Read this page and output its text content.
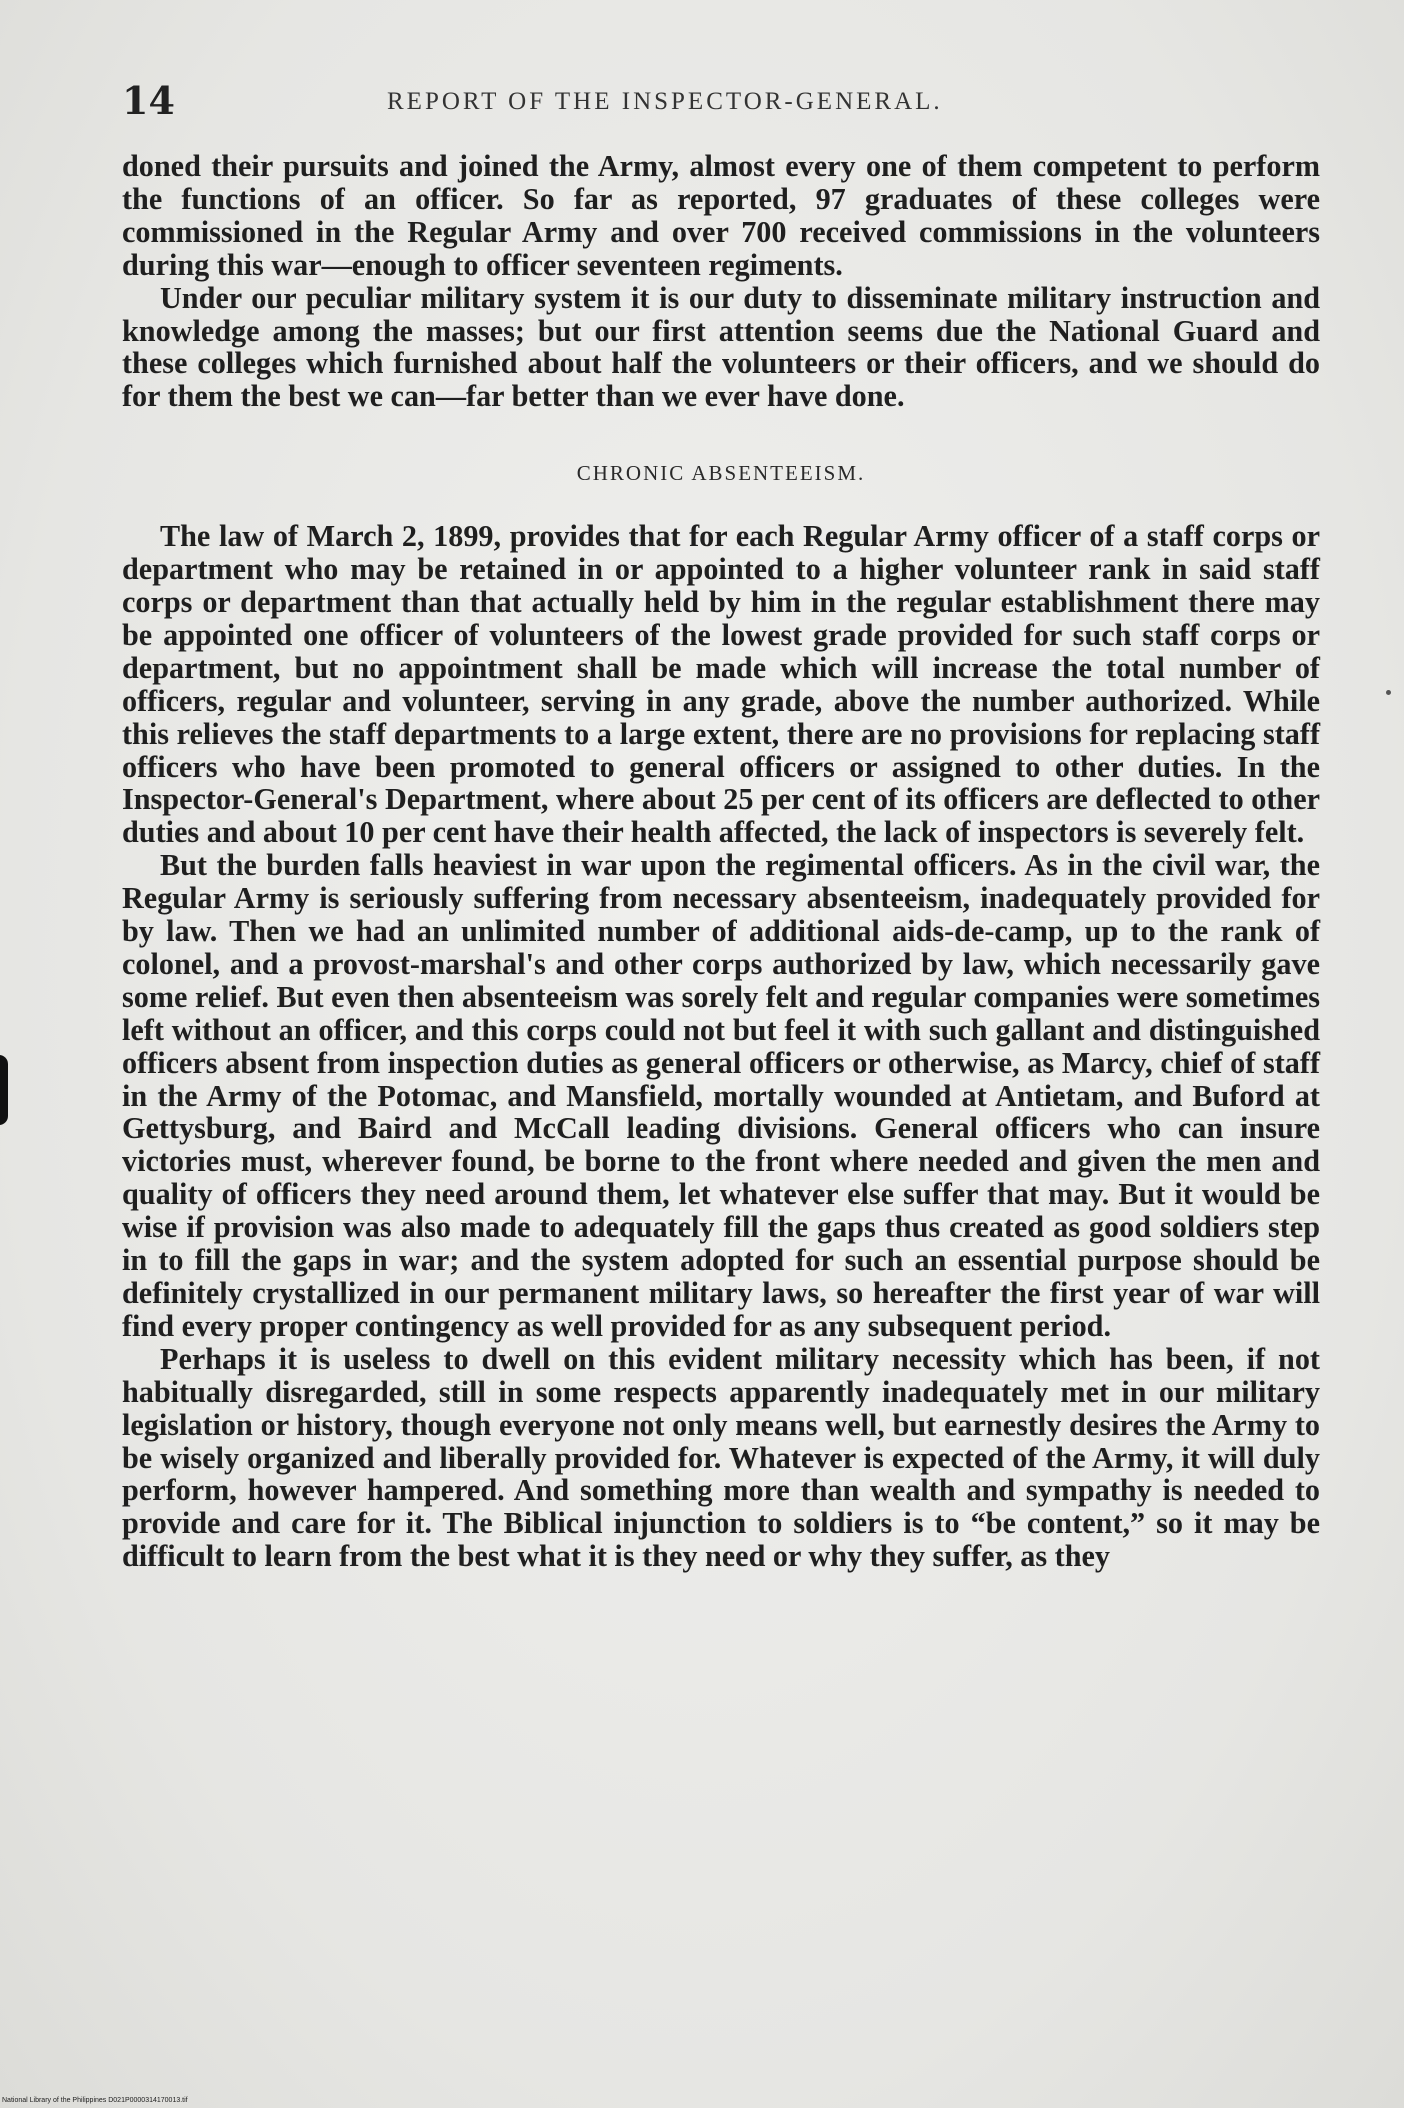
14	REPORT OF THE INSPECTOR-GENERAL.

doned their pursuits and joined the Army, almost every one of them competent to perform the functions of an officer. So far as reported, 97 graduates of these colleges were commissioned in the Regular Army and over 700 received commissions in the volunteers during this war—enough to officer seventeen regiments.

Under our peculiar military system it is our duty to disseminate military instruction and knowledge among the masses; but our first attention seems due the National Guard and these colleges which furnished about half the volunteers or their officers, and we should do for them the best we can—far better than we ever have done.

CHRONIC ABSENTEEISM.

The law of March 2, 1899, provides that for each Regular Army officer of a staff corps or department who may be retained in or appointed to a higher volunteer rank in said staff corps or department than that actually held by him in the regular establishment there may be appointed one officer of volunteers of the lowest grade provided for such staff corps or department, but no appointment shall be made which will increase the total number of officers, regular and volunteer, serving in any grade, above the number authorized. While this relieves the staff departments to a large extent, there are no provisions for replacing staff officers who have been promoted to general officers or assigned to other duties. In the Inspector-General's Department, where about 25 per cent of its officers are deflected to other duties and about 10 per cent have their health affected, the lack of inspectors is severely felt.

But the burden falls heaviest in war upon the regimental officers. As in the civil war, the Regular Army is seriously suffering from necessary absenteeism, inadequately provided for by law. Then we had an unlimited number of additional aids-de-camp, up to the rank of colonel, and a provost-marshal's and other corps authorized by law, which necessarily gave some relief. But even then absenteeism was sorely felt and regular companies were sometimes left without an officer, and this corps could not but feel it with such gallant and distinguished officers absent from inspection duties as general officers or otherwise, as Marcy, chief of staff in the Army of the Potomac, and Mansfield, mortally wounded at Antietam, and Buford at Gettysburg, and Baird and McCall leading divisions. General officers who can insure victories must, wherever found, be borne to the front where needed and given the men and quality of officers they need around them, let whatever else suffer that may. But it would be wise if provision was also made to adequately fill the gaps thus created as good soldiers step in to fill the gaps in war; and the system adopted for such an essential purpose should be definitely crystallized in our permanent military laws, so hereafter the first year of war will find every proper contingency as well provided for as any subsequent period.

Perhaps it is useless to dwell on this evident military necessity which has been, if not habitually disregarded, still in some respects apparently inadequately met in our military legislation or history, though everyone not only means well, but earnestly desires the Army to be wisely organized and liberally provided for. Whatever is expected of the Army, it will duly perform, however hampered. And something more than wealth and sympathy is needed to provide and care for it. The Biblical injunction to soldiers is to “be content,” so it may be difficult to learn from the best what it is they need or why they suffer, as they

National Library of the Philippines D021P0000314170013.tif
